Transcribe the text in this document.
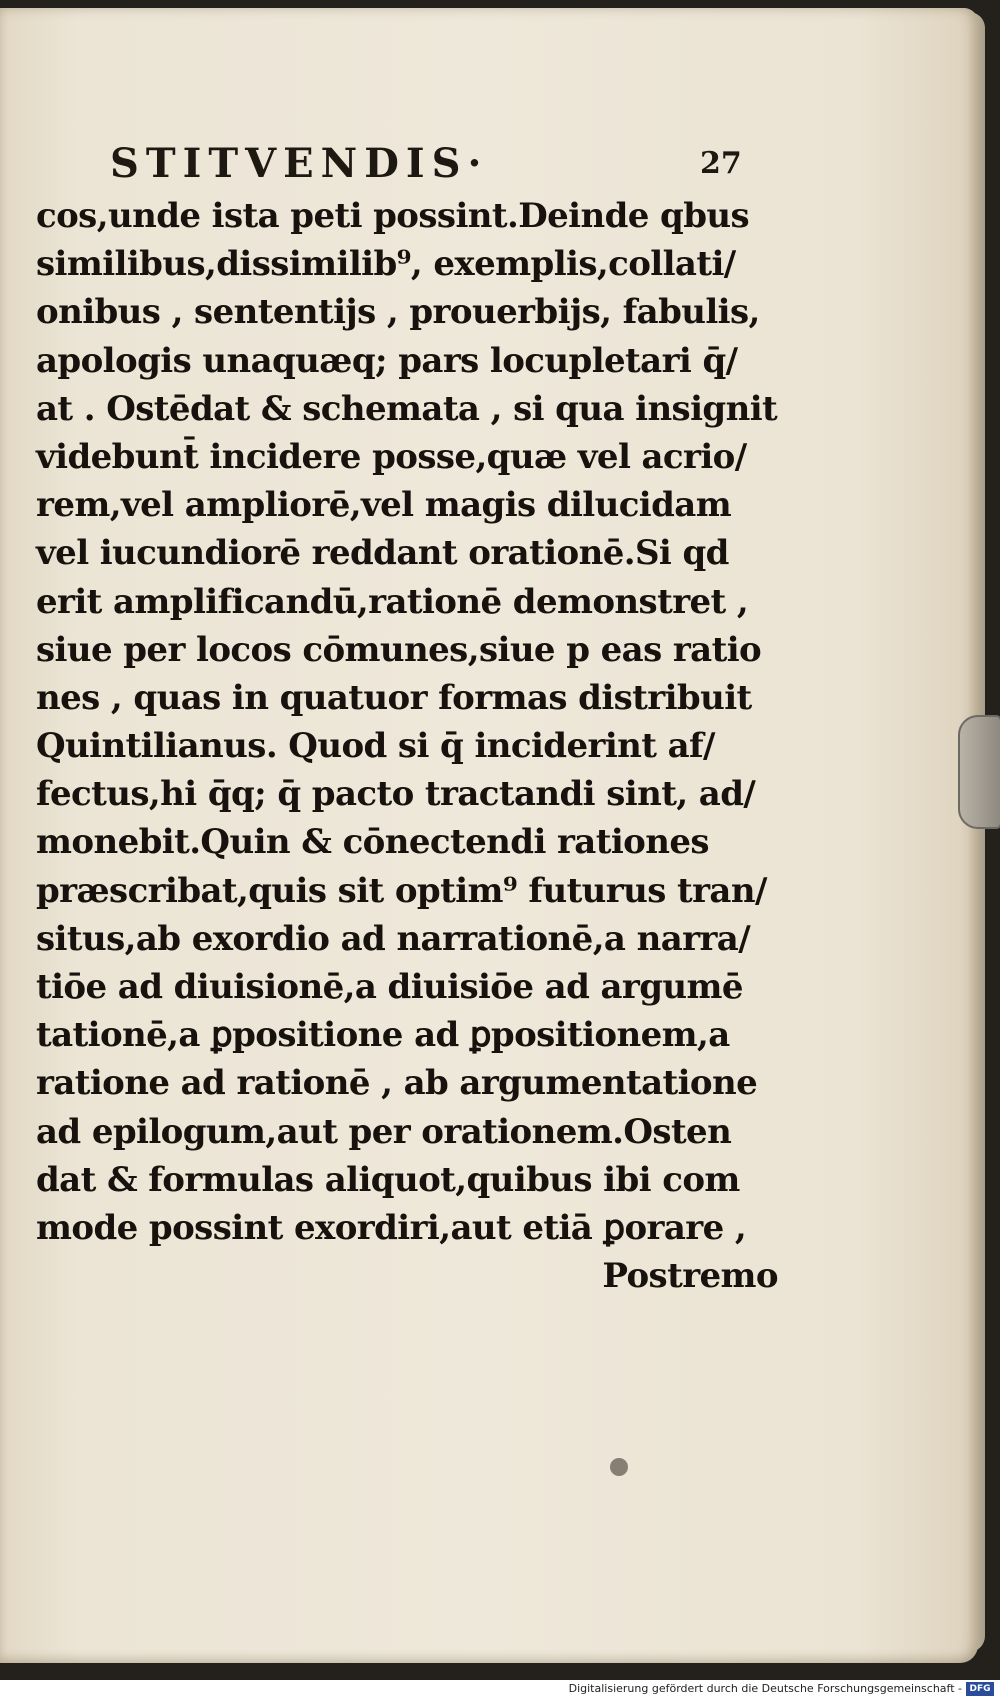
STITVENDIS·	27
cos,unde ista peti possint.Deinde qbus
similibus,dissimilib⁹, exemplis,collati/
onibus , sententijs , prouerbijs, fabulis,
apologis unaquæq; pars locupletari q̄/
at . Ostēdat & schemata , si qua insignit
videbunt̄ incidere posse,quæ vel acrio/
rem,vel ampliorē,vel magis dilucidam
vel iucundiorē reddant orationē.Si qd
erit amplificandū,rationē demonstret ,
siue per locos cōmunes,siue p eas ratio
nes , quas in quatuor formas distribuit
Quintilianus. Quod si q̄ inciderint af/
fectus,hi q̄q; q̄ pacto tractandi sint, ad/
monebit.Quin & cōnectendi rationes
præscribat,quis sit optim⁹ futurus tran/
situs,ab exordio ad narrationē,a narra/
tiōe ad diuisionē,a diuisiōe ad argumē
tationē,a ꝑpositione ad ꝑpositionem,a
ratione ad rationē , ab argumentatione
ad epilogum,aut per orationem.Osten
dat & formulas aliquot,quibus ibi com
mode possint exordiri,aut etiā ꝑorare ,
Postremo
Digitalisierung gefördert durch die Deutsche Forschungsgemeinschaft - DFG
